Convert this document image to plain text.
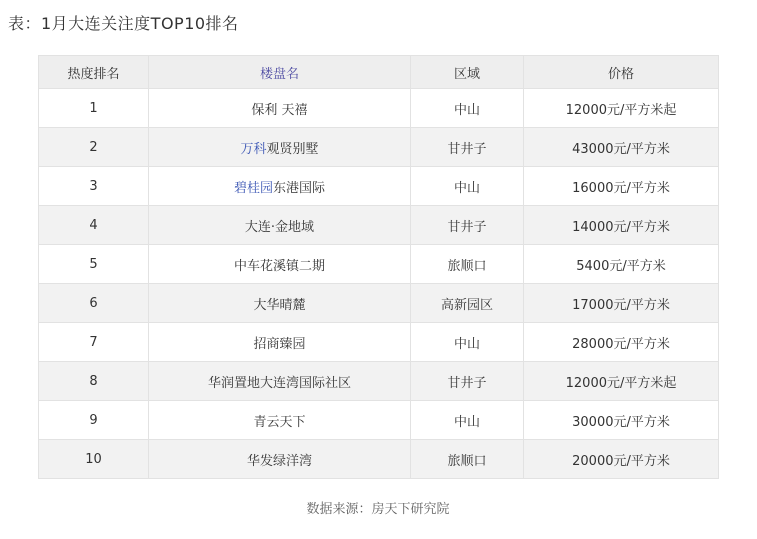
表：1月大连关注度TOP10排名
热度排名	楼盘名	区域	价格
1	保利 天禧	中山	12000元/平方米起
2	万科观贤别墅	甘井子	43000元/平方米
3	碧桂园东港国际	中山	16000元/平方米
4	大连·金地域	甘井子	14000元/平方米
5	中车花溪镇二期	旅顺口	5400元/平方米
6	大华晴麓	高新园区	17000元/平方米
7	招商臻园	中山	28000元/平方米
8	华润置地大连湾国际社区	甘井子	12000元/平方米起
9	青云天下	中山	30000元/平方米
10	华发绿洋湾	旅顺口	20000元/平方米
数据来源：房天下研究院
